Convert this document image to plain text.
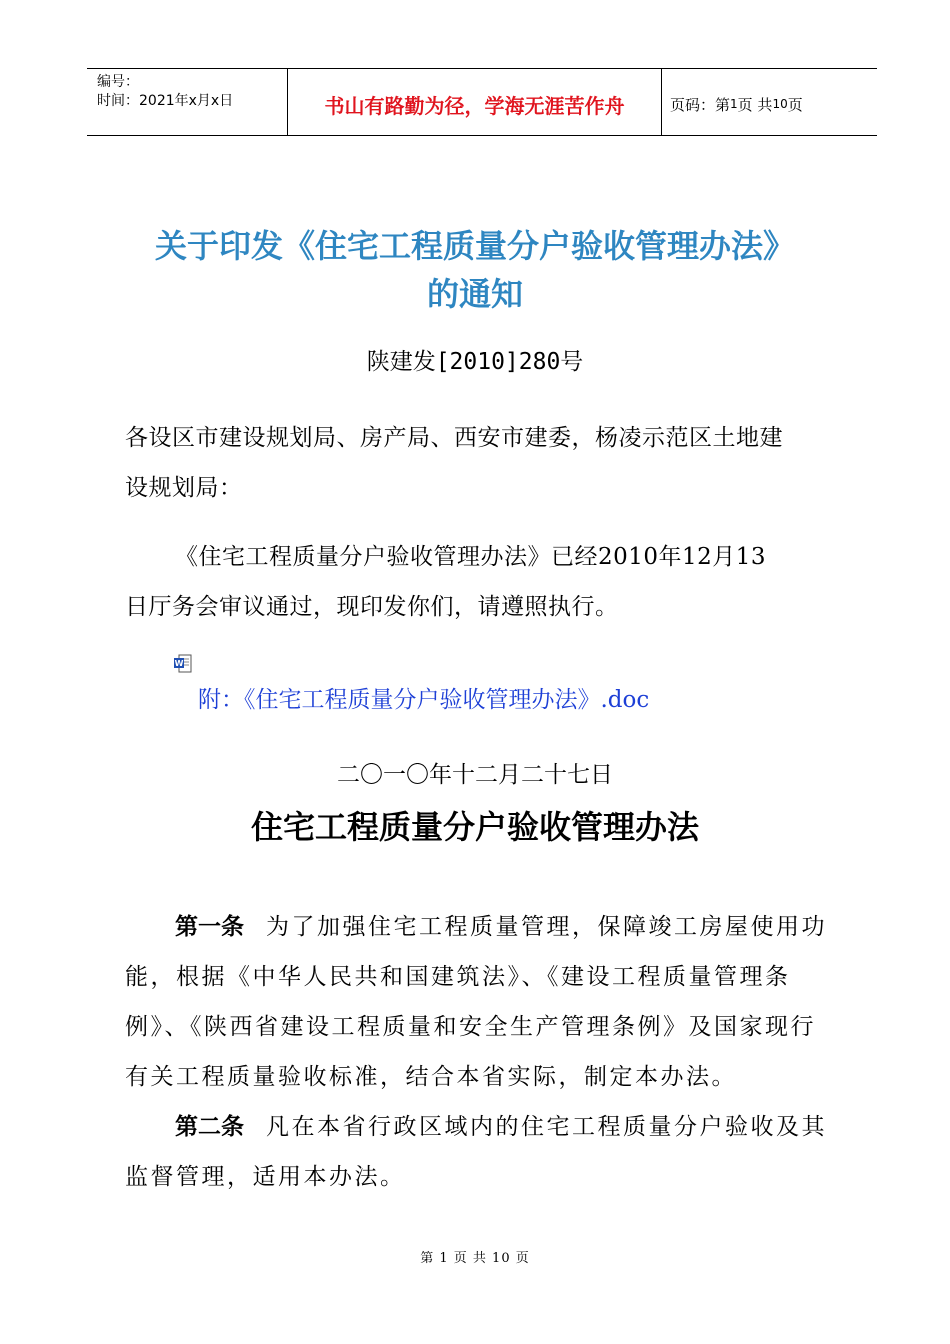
编号：
时间：2021年x月x日	书山有路勤为径，学海无涯苦作舟	页码：第 1 页 共 10 页
关于印发《住宅工程质量分户验收管理办法》
的通知
陕建发[2010]280号
各设区市建设规划局、房产局、西安市建委，杨凌示范区土地建
设规划局：
《住宅工程质量分户验收管理办法》已经2010年12月13
日厅务会审议通过，现印发你们，请遵照执行。
W
附：《住宅工程质量分户验收管理办法》.doc
二〇一〇年十二月二十七日
住宅工程质量分户验收管理办法
第一条 为了加强住宅工程质量管理，保障竣工房屋使用功
能，根据《中华人民共和国建筑法》、《建设工程质量管理条
例》、《陕西省建设工程质量和安全生产管理条例》及国家现行
有关工程质量验收标准，结合本省实际，制定本办法。
第二条 凡在本省行政区域内的住宅工程质量分户验收及其
监督管理，适用本办法。
第 1 页 共 10 页
